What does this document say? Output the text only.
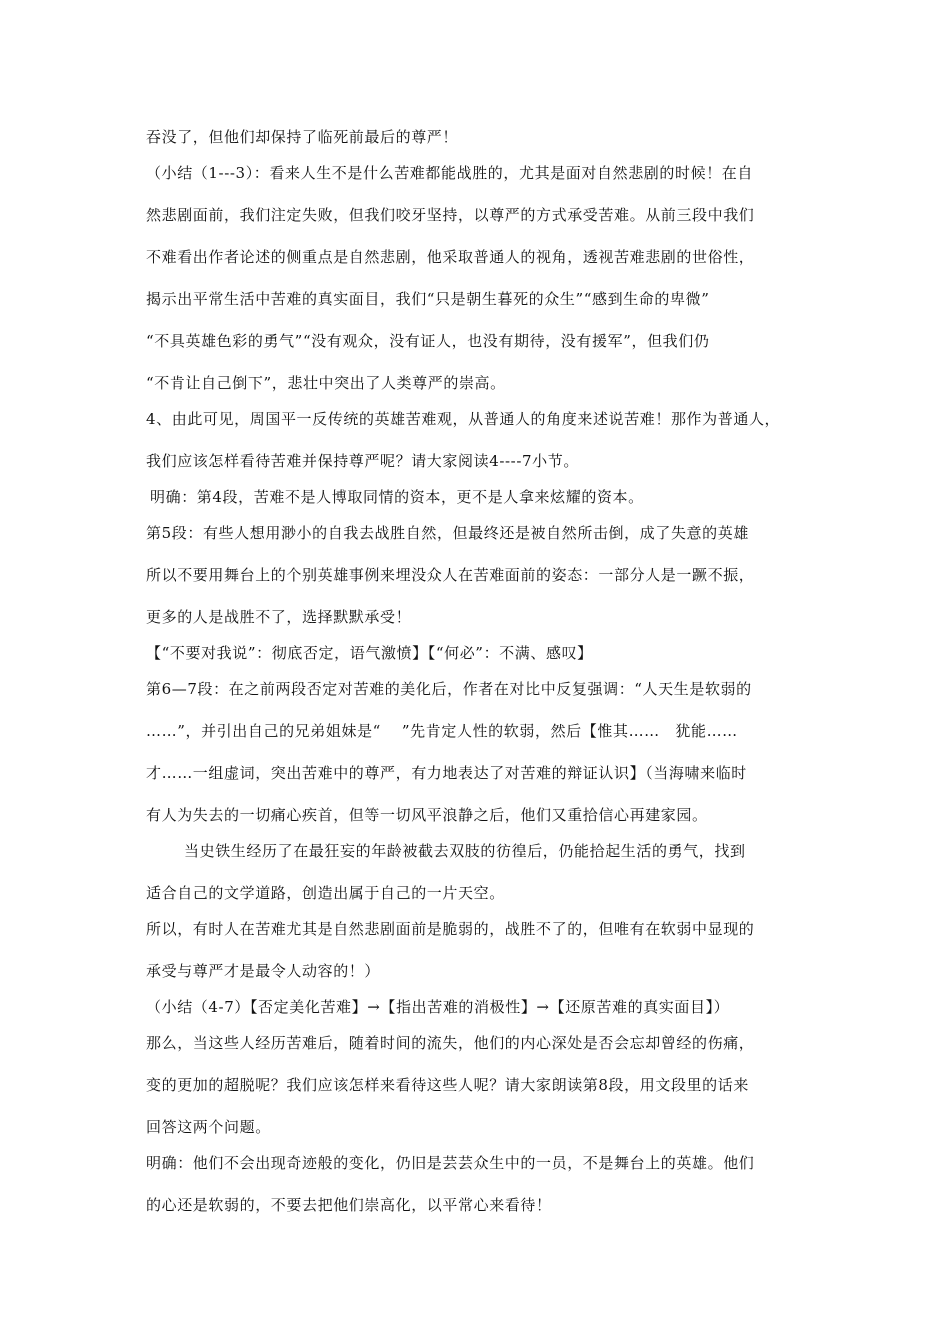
吞没了，但他们却保持了临死前最后的尊严！
（小结（1---3）：看来人生不是什么苦难都能战胜的，尤其是面对自然悲剧的时候！在自
然悲剧面前，我们注定失败，但我们咬牙坚持，以尊严的方式承受苦难。从前三段中我们
不难看出作者论述的侧重点是自然悲剧，他采取普通人的视角，透视苦难悲剧的世俗性，
揭示出平常生活中苦难的真实面目，我们“只是朝生暮死的众生”“感到生命的卑微”
“不具英雄色彩的勇气”“没有观众，没有证人，也没有期待，没有援军”，但我们仍
“不肯让自己倒下”，悲壮中突出了人类尊严的崇高。
4、由此可见，周国平一反传统的英雄苦难观，从普通人的角度来述说苦难！那作为普通人，
我们应该怎样看待苦难并保持尊严呢？请大家阅读4----7小节。
明确：第4段，苦难不是人博取同情的资本，更不是人拿来炫耀的资本。
第5段：有些人想用渺小的自我去战胜自然，但最终还是被自然所击倒，成了失意的英雄
所以不要用舞台上的个别英雄事例来埋没众人在苦难面前的姿态：一部分人是一蹶不振，
更多的人是战胜不了，选择默默承受！
【“不要对我说”：彻底否定，语气激愤】【“何必”：不满、感叹】
第6—7段：在之前两段否定对苦难的美化后，作者在对比中反复强调：“人天生是软弱的
……”，并引出自己的兄弟姐妹是“　 ”先肯定人性的软弱，然后【惟其……　犹能……
才……一组虚词，突出苦难中的尊严，有力地表达了对苦难的辩证认识】（当海啸来临时
有人为失去的一切痛心疾首，但等一切风平浪静之后，他们又重拾信心再建家园。
当史铁生经历了在最狂妄的年龄被截去双肢的彷徨后，仍能拾起生活的勇气，找到
适合自己的文学道路，创造出属于自己的一片天空。
所以，有时人在苦难尤其是自然悲剧面前是脆弱的，战胜不了的，但唯有在软弱中显现的
承受与尊严才是最令人动容的！）
（小结（4-7）【否定美化苦难】→【指出苦难的消极性】→【还原苦难的真实面目】）
那么，当这些人经历苦难后，随着时间的流失，他们的内心深处是否会忘却曾经的伤痛，
变的更加的超脱呢？我们应该怎样来看待这些人呢？请大家朗读第8段，用文段里的话来
回答这两个问题。
明确：他们不会出现奇迹般的变化，仍旧是芸芸众生中的一员，不是舞台上的英雄。他们
的心还是软弱的，不要去把他们崇高化，以平常心来看待！
